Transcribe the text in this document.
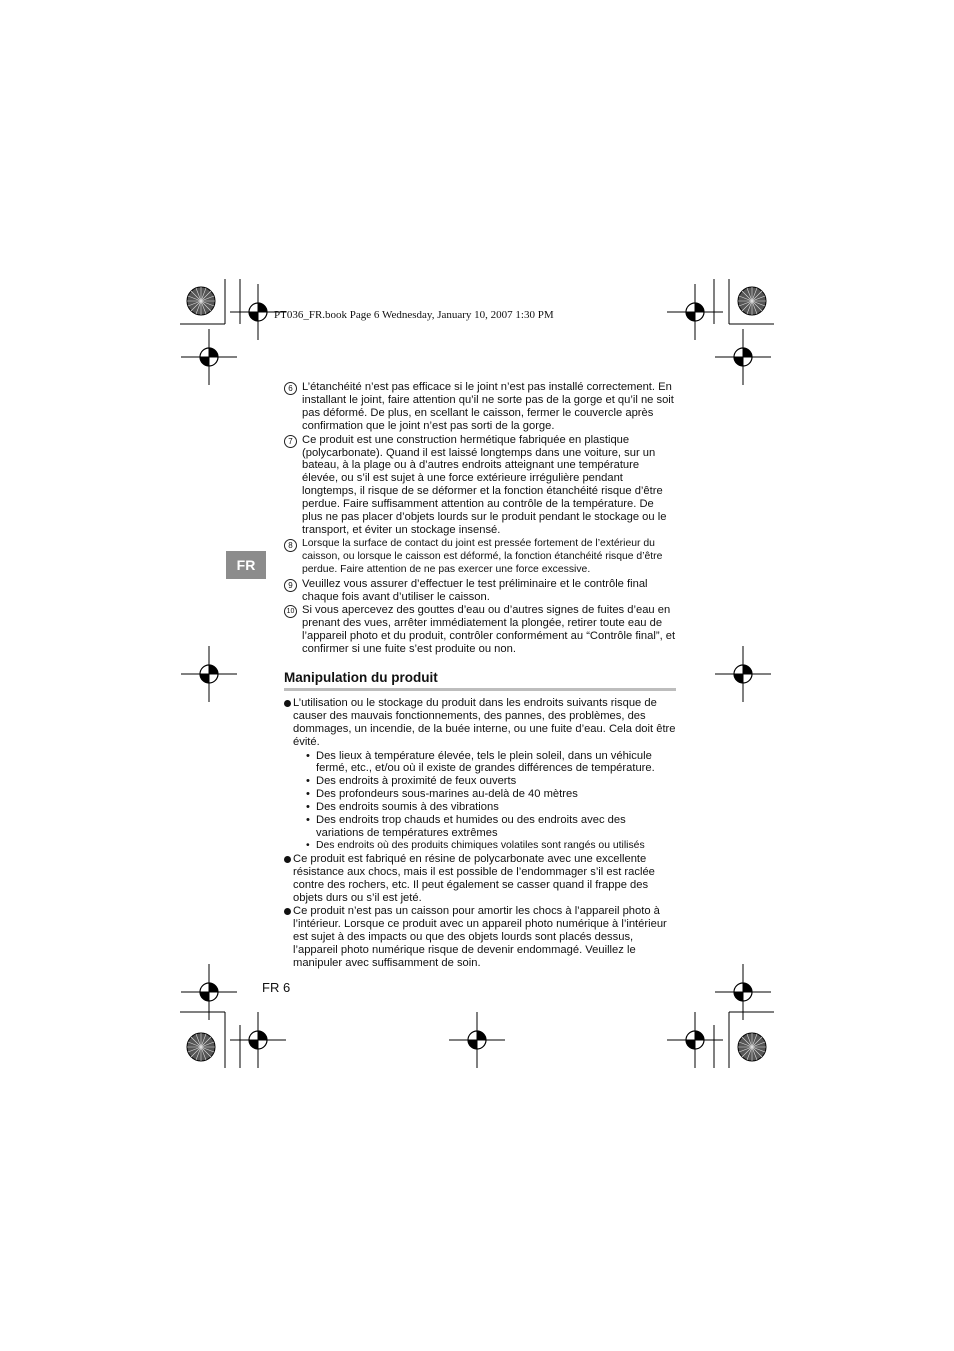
PT036_FR.book Page 6 Wednesday, January 10, 2007 1:30 PM
FR
6 L’étanchéité n’est pas efficace si le joint n’est pas installé correctement. En installant le joint, faire attention qu’il ne sorte pas de la gorge et qu’il ne soit pas déformé. De plus, en scellant le caisson, fermer le couvercle après confirmation que le joint n’est pas sorti de la gorge.
7 Ce produit est une construction hermétique fabriquée en plastique (polycarbonate). Quand il est laissé longtemps dans une voiture, sur un bateau, à la plage ou à d’autres endroits atteignant une température élevée, ou s’il est sujet à une force extérieure irrégulière pendant longtemps, il risque de se déformer et la fonction étanchéité risque d’être perdue. Faire suffisamment attention au contrôle de la température. De plus ne pas placer d’objets lourds sur le produit pendant le stockage ou le transport, et éviter un stockage insensé.
8 Lorsque la surface de contact du joint est pressée fortement de l’extérieur du caisson, ou lorsque le caisson est déformé, la fonction étanchéité risque d’être perdue. Faire attention de ne pas exercer une force excessive.
9 Veuillez vous assurer d’effectuer le test préliminaire et le contrôle final chaque fois avant d’utiliser le caisson.
10 Si vous apercevez des gouttes d’eau ou d’autres signes de fuites d’eau en prenant des vues, arrêter immédiatement la plongée, retirer toute eau de l’appareil photo et du produit, contrôler conformément au “Contrôle final”, et confirmer si une fuite s’est produite ou non.
Manipulation du produit
L’utilisation ou le stockage du produit dans les endroits suivants risque de causer des mauvais fonctionnements, des pannes, des problèmes, des dommages, un incendie, de la buée interne, ou une fuite d’eau. Cela doit être évité.
• Des lieux à température élevée, tels le plein soleil, dans un véhicule fermé, etc., et/ou où il existe de grandes différences de température.
• Des endroits à proximité de feux ouverts
• Des profondeurs sous-marines au-delà de 40 mètres
• Des endroits soumis à des vibrations
• Des endroits trop chauds et humides ou des endroits avec des variations de températures extrêmes
• Des endroits où des produits chimiques volatiles sont rangés ou utilisés
Ce produit est fabriqué en résine de polycarbonate avec une excellente résistance aux chocs, mais il est possible de l’endommager s’il est raclée contre des rochers, etc. Il peut également se casser quand il frappe des objets durs ou s’il est jeté.
Ce produit n’est pas un caisson pour amortir les chocs à l’appareil photo à l’intérieur. Lorsque ce produit avec un appareil photo numérique à l’intérieur est sujet à des impacts ou que des objets lourds sont placés dessus, l’appareil photo numérique risque de devenir endommagé. Veuillez le manipuler avec suffisamment de soin.
FR 6
